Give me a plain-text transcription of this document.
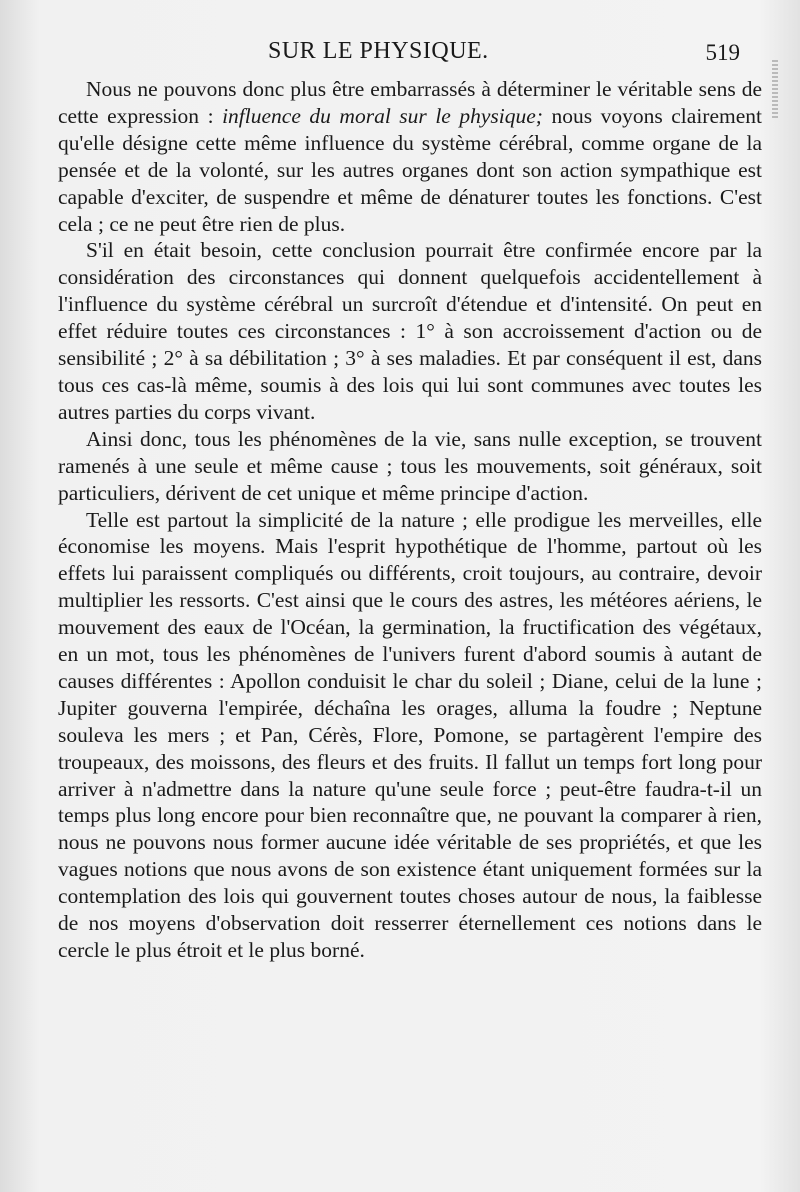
SUR LE PHYSIQUE.	519

Nous ne pouvons donc plus être embarrassés à déterminer le véritable sens de cette expression : influence du moral sur le physique; nous voyons clairement qu'elle désigne cette même influence du système cérébral, comme organe de la pensée et de la volonté, sur les autres organes dont son action sympathique est capable d'exciter, de suspendre et même de dénaturer toutes les fonctions. C'est cela ; ce ne peut être rien de plus.

S'il en était besoin, cette conclusion pourrait être confirmée encore par la considération des circonstances qui donnent quelquefois accidentellement à l'influence du système cérébral un surcroît d'étendue et d'intensité. On peut en effet réduire toutes ces circonstances : 1° à son accroissement d'action ou de sensibilité ; 2° à sa débilitation ; 3° à ses maladies. Et par conséquent il est, dans tous ces cas-là même, soumis à des lois qui lui sont communes avec toutes les autres parties du corps vivant.

Ainsi donc, tous les phénomènes de la vie, sans nulle exception, se trouvent ramenés à une seule et même cause ; tous les mouvements, soit généraux, soit particuliers, dérivent de cet unique et même principe d'action.

Telle est partout la simplicité de la nature ; elle prodigue les merveilles, elle économise les moyens. Mais l'esprit hypothétique de l'homme, partout où les effets lui paraissent compliqués ou différents, croit toujours, au contraire, devoir multiplier les ressorts. C'est ainsi que le cours des astres, les météores aériens, le mouvement des eaux de l'Océan, la germination, la fructification des végétaux, en un mot, tous les phénomènes de l'univers furent d'abord soumis à autant de causes différentes : Apollon conduisit le char du soleil ; Diane, celui de la lune ; Jupiter gouverna l'empirée, déchaîna les orages, alluma la foudre ; Neptune souleva les mers ; et Pan, Cérès, Flore, Pomone, se partagèrent l'empire des troupeaux, des moissons, des fleurs et des fruits. Il fallut un temps fort long pour arriver à n'admettre dans la nature qu'une seule force ; peut-être faudra-t-il un temps plus long encore pour bien reconnaître que, ne pouvant la comparer à rien, nous ne pouvons nous former aucune idée véritable de ses propriétés, et que les vagues notions que nous avons de son existence étant uniquement formées sur la contemplation des lois qui gouvernent toutes choses autour de nous, la faiblesse de nos moyens d'observation doit resserrer éternellement ces notions dans le cercle le plus étroit et le plus borné.
